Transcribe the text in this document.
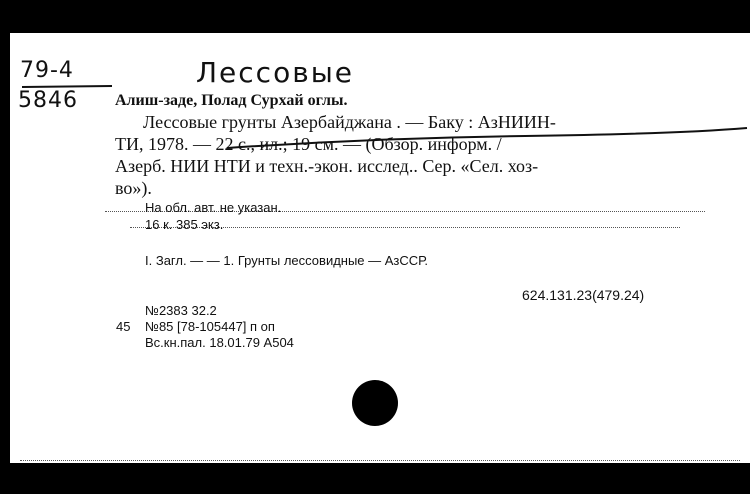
79-4
5846
Лессовые
Алиш-заде, Полад Сурхай оглы.
Лессовые грунты Азербайджана . — Баку : АзНИИН-
ТИ, 1978. — 22 с., ил.; 19 см. — (Обзор. информ. /
Азерб. НИИ НТИ и техн.-экон. исслед.. Сер. «Сел. хоз-
во»).
На обл. авт. не указан.
16 к. 385 экз.
I. Загл. — — 1. Грунты лессовидные — АзССР.
624.131.23(479.24)
№2383 32.2
45 №85 [78-105447] п оп
Вс.кн.пал. 18.01.79 А504
